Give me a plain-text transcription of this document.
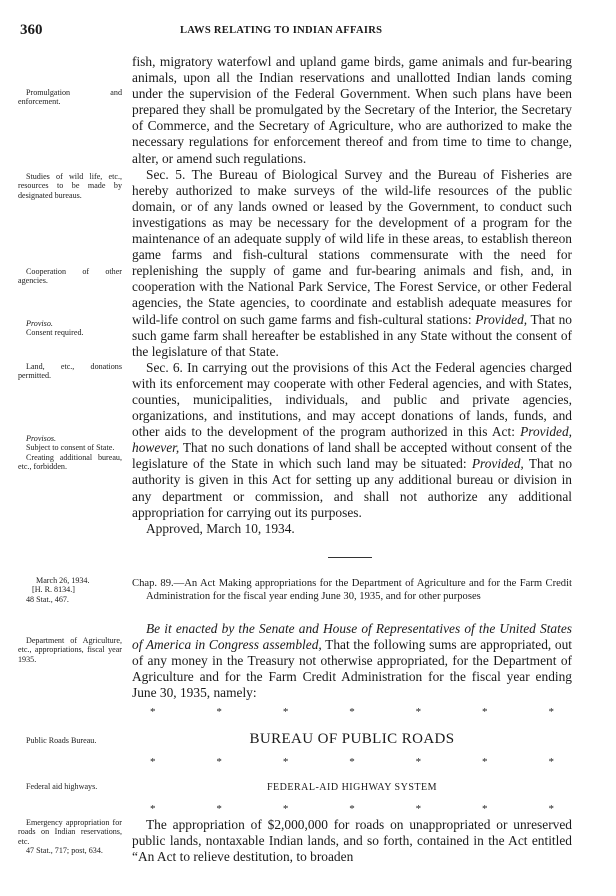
360	LAWS RELATING TO INDIAN AFFAIRS
Promulgation and enforcement.
Studies of wild life, etc., resources to be made by designated bureaus.
Cooperation of other agencies.
Proviso.
Consent required.
Land, etc., donations permitted.
Provisos.
Subject to consent of State.
Creating additional bureau, etc., forbidden.
March 26, 1934.
[H. R. 8134.]
48 Stat., 467.
Department of Agriculture, etc., appropriations, fiscal year 1935.
Public Roads Bureau.
Federal aid highways.
Emergency appropriation for roads on Indian reservations, etc.
47 Stat., 717; post, 634.

fish, migratory waterfowl and upland game birds, game animals and fur-bearing animals, upon all the Indian reservations and unallotted Indian lands coming under the supervision of the Federal Government. When such plans have been prepared they shall be promulgated by the Secretary of the Interior, the Secretary of Commerce, and the Secretary of Agriculture, who are authorized to make the necessary regulations for enforcement thereof and from time to time to change, alter, or amend such regulations.

Sec. 5. The Bureau of Biological Survey and the Bureau of Fisheries are hereby authorized to make surveys of the wild-life resources of the public domain, or of any lands owned or leased by the Government, to conduct such investigations as may be necessary for the development of a program for the maintenance of an adequate supply of wild life in these areas, to establish thereon game farms and fish-cultural stations commensurate with the need for replenishing the supply of game and fur-bearing animals and fish, and, in cooperation with the National Park Service, The Forest Service, or other Federal agencies, the State agencies, to coordinate and establish adequate measures for wild-life control on such game farms and fish-cultural stations: Provided, That no such game farm shall hereafter be established in any State without the consent of the legislature of that State.

Sec. 6. In carrying out the provisions of this Act the Federal agencies charged with its enforcement may cooperate with other Federal agencies, and with States, counties, municipalities, individuals, and public and private agencies, organizations, and institutions, and may accept donations of lands, funds, and other aids to the development of the program authorized in this Act: Provided, however, That no such donations of land shall be accepted without consent of the legislature of the State in which such land may be situated: Provided, That no authority is given in this Act for setting up any additional bureau or division in any department or commission, and shall not authorize any additional appropriation for carrying out its purposes.

Approved, March 10, 1934.

Chap. 89.—An Act Making appropriations for the Department of Agriculture and for the Farm Credit Administration for the fiscal year ending June 30, 1935, and for other purposes

Be it enacted by the Senate and House of Representatives of the United States of America in Congress assembled, That the following sums are appropriated, out of any money in the Treasury not otherwise appropriated, for the Department of Agriculture and for the Farm Credit Administration for the fiscal year ending June 30, 1935, namely:

*	*	*	*	*	*	*
BUREAU OF PUBLIC ROADS
*	*	*	*	*	*	*
FEDERAL-AID HIGHWAY SYSTEM
*	*	*	*	*	*	*

The appropriation of $2,000,000 for roads on unappropriated or unreserved public lands, nontaxable Indian lands, and so forth, contained in the Act entitled “An Act to relieve destitution, to broaden
